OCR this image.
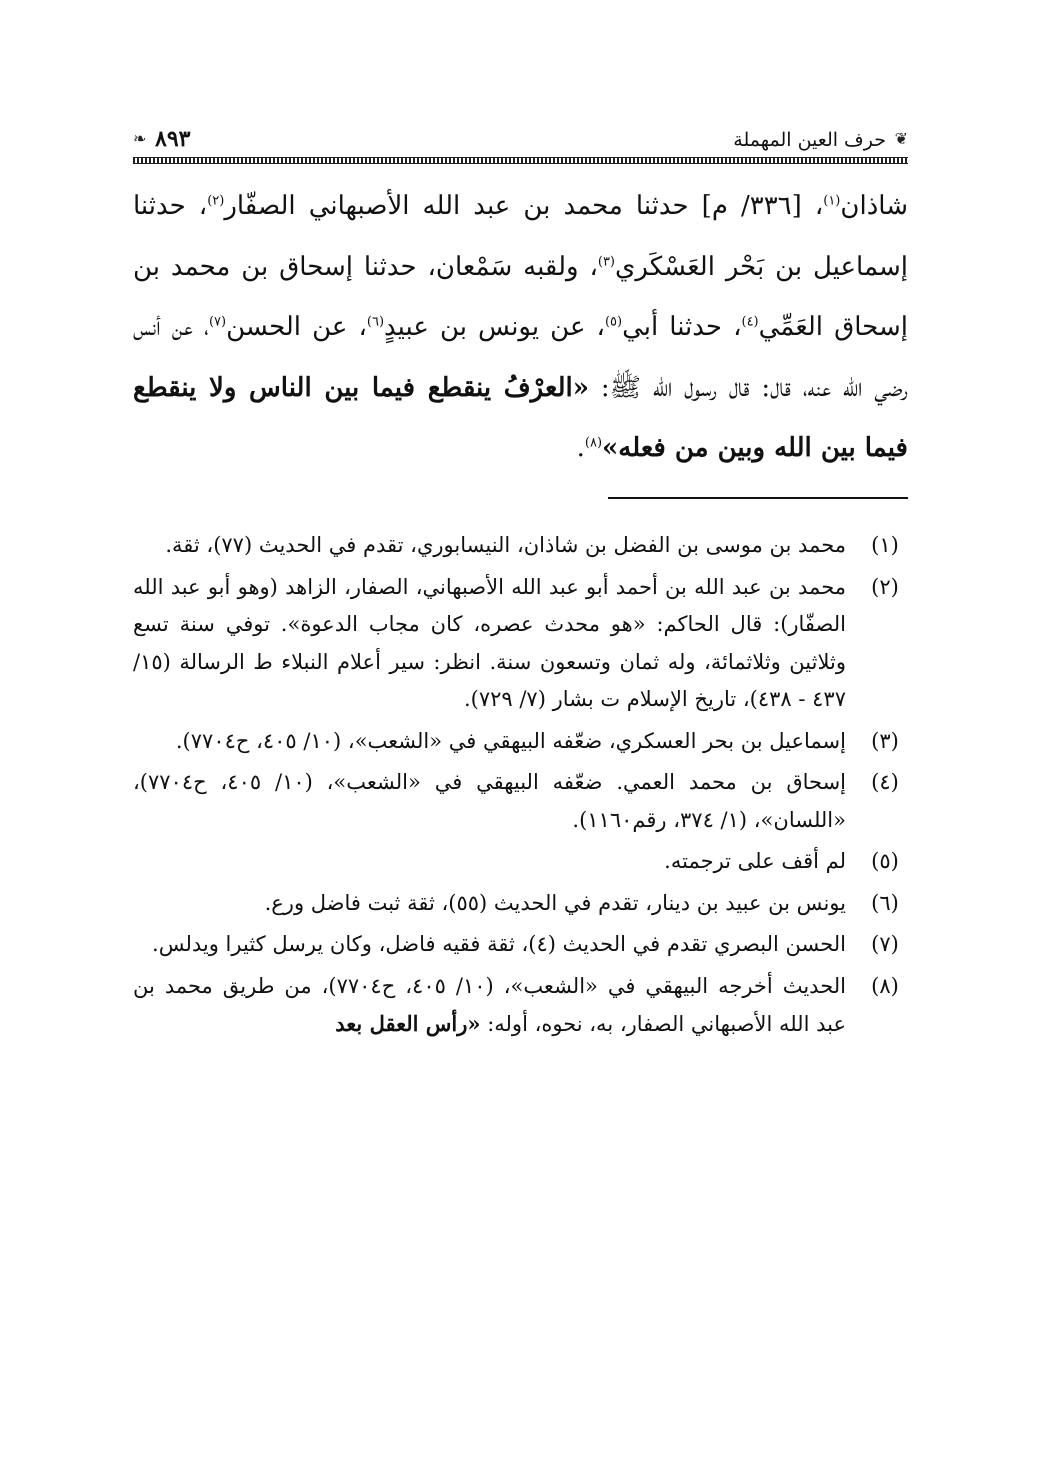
❦
حرف العين المهملة
٨٩٣
❧

شاذان$^{(١)}$، [٣٣٦/ م] حدثنا محمد بن عبد الله الأصبهاني الصفّار$^{(٢)}$، حدثنا إسماعيل بن بَحْر العَسْكَري$^{(٣)}$، ولقبه سَمْعان، حدثنا إسحاق بن محمد بن إسحاق العَمِّي$^{(٤)}$، حدثنا أبي$^{(٥)}$، عن يونس بن عبيدٍ$^{(٦)}$، عن الحسن$^{(٧)}$، عن أنس رضي الله عنه، قال: قال رسول الله ﷺ: «العرْفُ ينقطع فيما بين الناس ولا ينقطع فيما بين الله وبين من فعله»$^{(٨)}$.

(١)
محمد بن موسى بن الفضل بن شاذان، النيسابوري، تقدم في الحديث (٧٧)، ثقة.
(٢)
محمد بن عبد الله بن أحمد أبو عبد الله الأصبهاني، الصفار، الزاهد (وهو أبو عبد الله الصفّار): قال الحاكم: «هو محدث عصره، كان مجاب الدعوة». توفي سنة تسع وثلاثين وثلاثمائة، وله ثمان وتسعون سنة. انظر: سير أعلام النبلاء ط الرسالة (١٥/ ٤٣٧ - ٤٣٨)، تاريخ الإسلام ت بشار (٧/ ٧٢٩).
(٣)
إسماعيل بن بحر العسكري، ضعّفه البيهقي في «الشعب»، (١٠/ ٤٠٥، ح٧٧٠٤).
(٤)
إسحاق بن محمد العمي. ضعّفه البيهقي في «الشعب»، (١٠/ ٤٠٥، ح٧٧٠٤)، «اللسان»، (١/ ٣٧٤، رقم١١٦٠).
(٥)
لم أقف على ترجمته.
(٦)
يونس بن عبيد بن دينار، تقدم في الحديث (٥٥)، ثقة ثبت فاضل ورع.
(٧)
الحسن البصري تقدم في الحديث (٤)، ثقة فقيه فاضل، وكان يرسل كثيرا ويدلس.
(٨)
الحديث أخرجه البيهقي في «الشعب»، (١٠/ ٤٠٥، ح٧٧٠٤)، من طريق محمد بن عبد الله الأصبهاني الصفار، به، نحوه، أوله: «رأس العقل بعد
